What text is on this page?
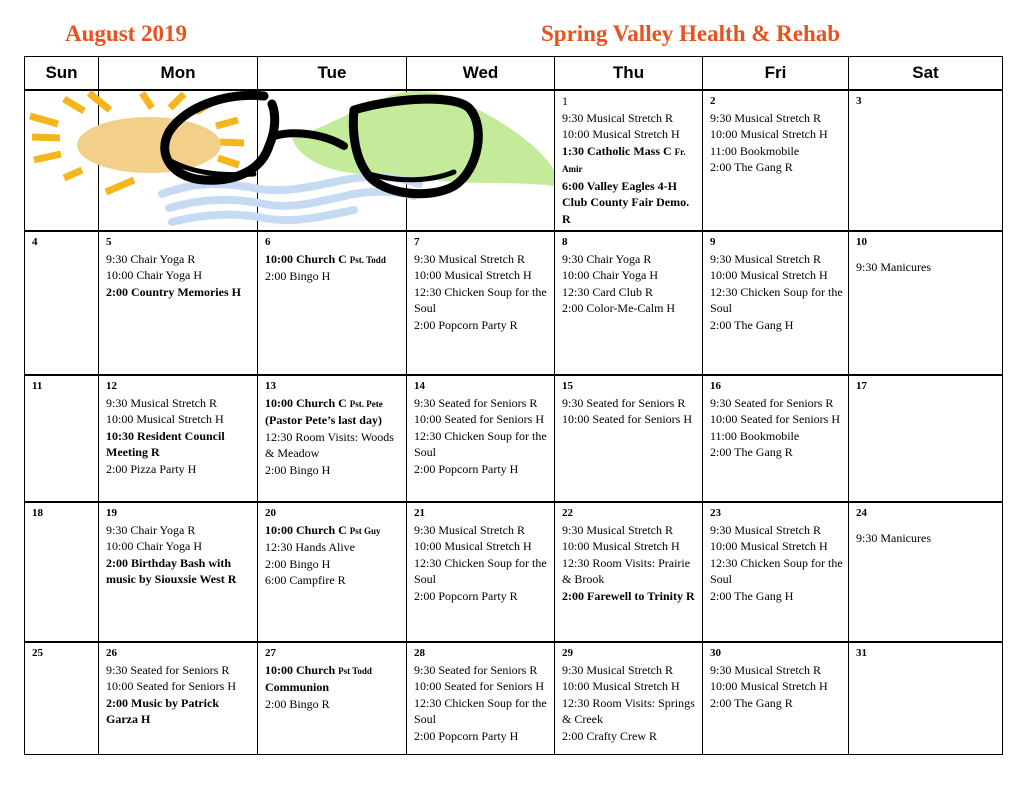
August 2019	Spring Valley Health & Rehab
Sun	Mon	Tue	Wed	Thu	Fri	Sat

				1
9:30 Musical Stretch R
10:00 Musical Stretch H
1:30 Catholic Mass C Fr. Amir
6:00 Valley Eagles 4-H Club County Fair Demo. R	2
9:30 Musical Stretch R
10:00 Musical Stretch H
11:00 Bookmobile
2:00 The Gang R	3

4	5
9:30 Chair Yoga R
10:00 Chair Yoga H
2:00 Country Memories H	6
10:00 Church C Pst. Todd
2:00 Bingo H	7
9:30 Musical Stretch R
10:00 Musical Stretch H
12:30 Chicken Soup for the Soul
2:00 Popcorn Party R	8
9:30 Chair Yoga R
10:00 Chair Yoga H
12:30 Card Club R
2:00 Color-Me-Calm H	9
9:30 Musical Stretch R
10:00 Musical Stretch H
12:30 Chicken Soup for the Soul
2:00 The Gang H	10
9:30 Manicures

11	12
9:30 Musical Stretch R
10:00 Musical Stretch H
10:30 Resident Council Meeting R
2:00 Pizza Party H	13
10:00 Church C Pst. Pete
(Pastor Pete’s last day)
12:30 Room Visits: Woods & Meadow
2:00 Bingo H	14
9:30 Seated for Seniors R
10:00 Seated for Seniors H
12:30 Chicken Soup for the Soul
2:00 Popcorn Party H	15
9:30 Seated for Seniors R
10:00 Seated for Seniors H	16
9:30 Seated for Seniors R
10:00 Seated for Seniors H
11:00 Bookmobile
2:00 The Gang R	17

18	19
9:30 Chair Yoga R
10:00 Chair Yoga H
2:00 Birthday Bash with music by Siouxsie West R	20
10:00 Church C Pst Guy
12:30 Hands Alive
2:00 Bingo H
6:00 Campfire R	21
9:30 Musical Stretch R
10:00 Musical Stretch H
12:30 Chicken Soup for the Soul
2:00 Popcorn Party R	22
9:30 Musical Stretch R
10:00 Musical Stretch H
12:30 Room Visits: Prairie & Brook
2:00 Farewell to Trinity R	23
9:30 Musical Stretch R
10:00 Musical Stretch H
12:30 Chicken Soup for the Soul
2:00 The Gang H	24
9:30 Manicures

25	26
9:30 Seated for Seniors R
10:00 Seated for Seniors H
2:00 Music by Patrick Garza H	27
10:00 Church Pst Todd
Communion
2:00 Bingo R	28
9:30 Seated for Seniors R
10:00 Seated for Seniors H
12:30 Chicken Soup for the Soul
2:00 Popcorn Party H	29
9:30 Musical Stretch R
10:00 Musical Stretch H
12:30 Room Visits: Springs & Creek
2:00 Crafty Crew R	30
9:30 Musical Stretch R
10:00 Musical Stretch H
2:00 The Gang R	31
